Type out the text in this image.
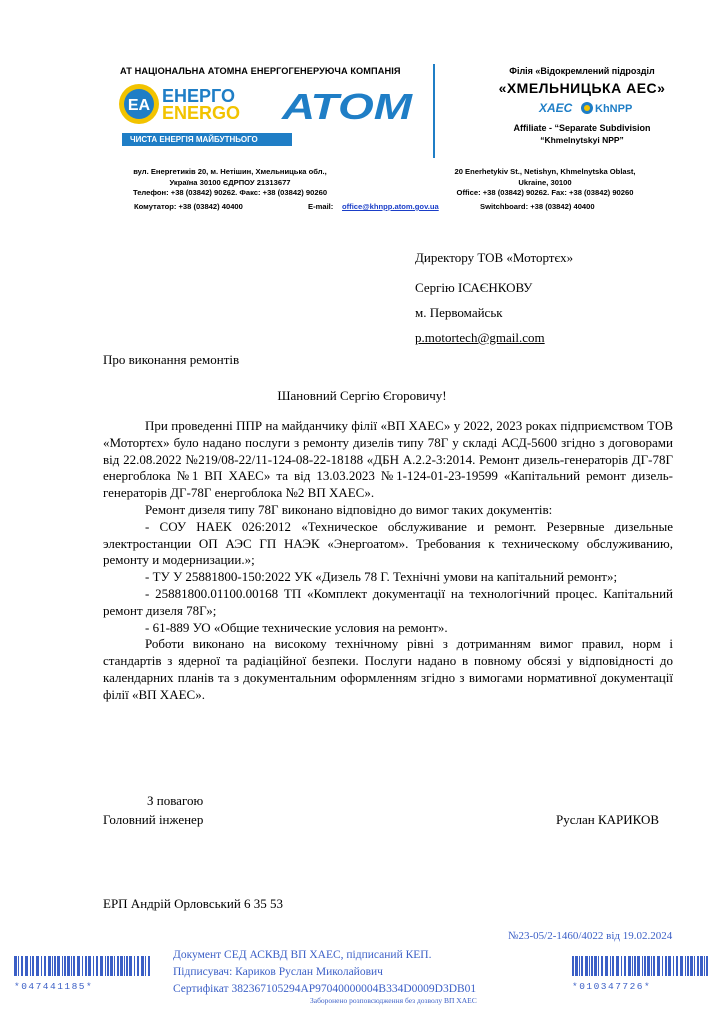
АТ НАЦІОНАЛЬНА АТОМНА ЕНЕРГОГЕНЕРУЮЧА КОМПАНІЯ
ЕА ЕНЕРГО
ENERGO АТОМ
ЧИСТА ЕНЕРГІЯ МАЙБУТНЬОГО
Філія «Відокремлений підрозділ
«ХМЕЛЬНИЦЬКА АЕС»
ХАЕС KhNPP
Affiliate - “Separate Subdivision
“Khmelnytskyi NPP”
вул. Енергетиків 20, м. Нетішин, Хмельницька обл.,
Україна 30100 ЄДРПОУ 21313677
Телефон: +38 (03842) 90262. Факс: +38 (03842) 90260
20 Enerhetykiv St., Netishyn, Khmelnytska Oblast,
Ukraine, 30100
Office: +38 (03842) 90262. Fax: +38 (03842) 90260
Комутатор: +38 (03842) 40400	E-mail: office@khnpp.atom.gov.ua	Switchboard: +38 (03842) 40400
Директору ТОВ «Мотортєх»
Сергію ІСАЄНКОВУ
м. Первомайськ
p.motortech@gmail.com
Про виконання ремонтів
Шановний Сергію Єгоровичу!

При проведенні ППР на майданчику філії «ВП ХАЕС» у 2022, 2023 роках підприємством ТОВ «Мотортєх» було надано послуги з ремонту дизелів типу 78Г у складі АСД-5600 згідно з договорами від 22.08.2022 №219/08-22/11-124-08-22-18188 «ДБН А.2.2-3:2014. Ремонт дизель-генераторів ДГ-78Г енергоблока №1 ВП ХАЕС» та від 13.03.2023 №1-124-01-23-19599 «Капітальний ремонт дизель-генераторів ДГ-78Г енергоблока №2 ВП ХАЕС».

Ремонт дизеля типу 78Г виконано відповідно до вимог таких документів:

- СОУ НАЕК 026:2012 «Техническое обслуживание и ремонт. Резервные дизельные электростанции ОП АЭС ГП НАЭК «Энергоатом». Требования к техническому обслуживанию, ремонту и модернизации.»;

- ТУ У 25881800-150:2022 УК «Дизель 78 Г. Технічні умови на капітальний ремонт»;

- 25881800.01100.00168 ТП «Комплект документації на технологічний процес. Капітальний ремонт дизеля 78Г»;

- 61-889 УО «Общие технические условия на ремонт».

Роботи виконано на високому технічному рівні з дотриманням вимог правил, норм і стандартів з ядерної та радіаційної безпеки. Послуги надано в повному обсязі у відповідності до календарних планів та з документальним оформленням згідно з вимогами нормативної документації філії «ВП ХАЕС».

З повагою
Головний інженер	Руслан КАРИКОВ
ЕРП Андрій Орловський 6 35 53
№23-05/2-1460/4022 від 19.02.2024
Документ СЕД АСКВД ВП ХАЕС, підписаний КЕП.
Підписувач: Кариков Руслан Миколайович
Сертифікат 382367105294AP97040000004B334D0009D3DB01
Заборонено розповсюдження без дозволу ВП ХАЕС
*047441185*	*010347726*
